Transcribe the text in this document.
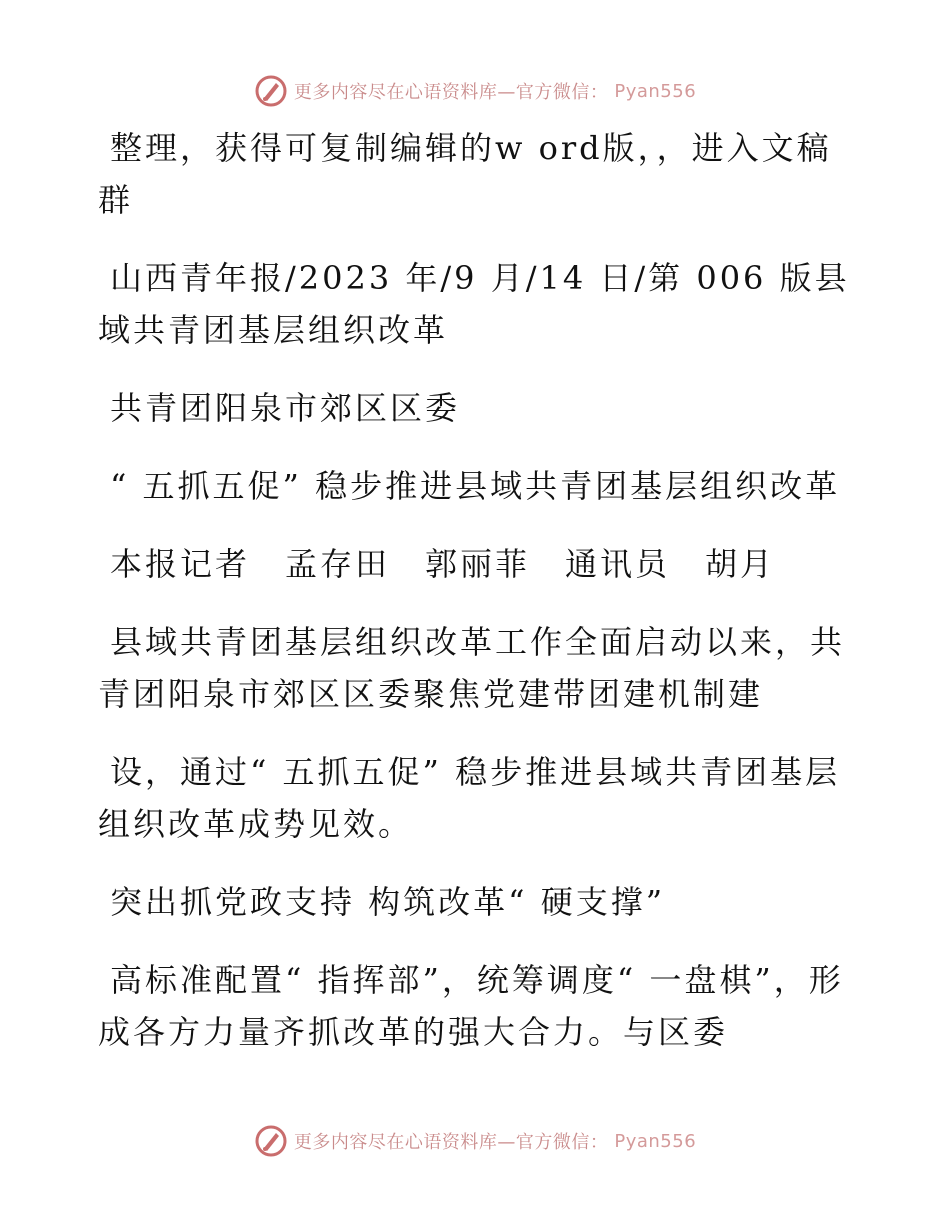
更多内容尽在心语资料库—官方微信： Pyan556

整理，获得可复制编辑的w ord版，，进入文稿群

山西青年报/2023 年/9 月/14 日/第 006 版县域共青团基层组织改革

共青团阳泉市郊区区委

“ 五抓五促” 稳步推进县域共青团基层组织改革

本报记者　孟存田　郭丽菲　通讯员　胡月

县域共青团基层组织改革工作全面启动以来，共青团阳泉市郊区区委聚焦党建带团建机制建

设，通过“ 五抓五促” 稳步推进县域共青团基层组织改革成势见效。

突出抓党政支持 构筑改革“ 硬支撑”

高标准配置“ 指挥部”，统筹调度“ 一盘棋”，形成各方力量齐抓改革的强大合力。与区委

更多内容尽在心语资料库—官方微信： Pyan556
